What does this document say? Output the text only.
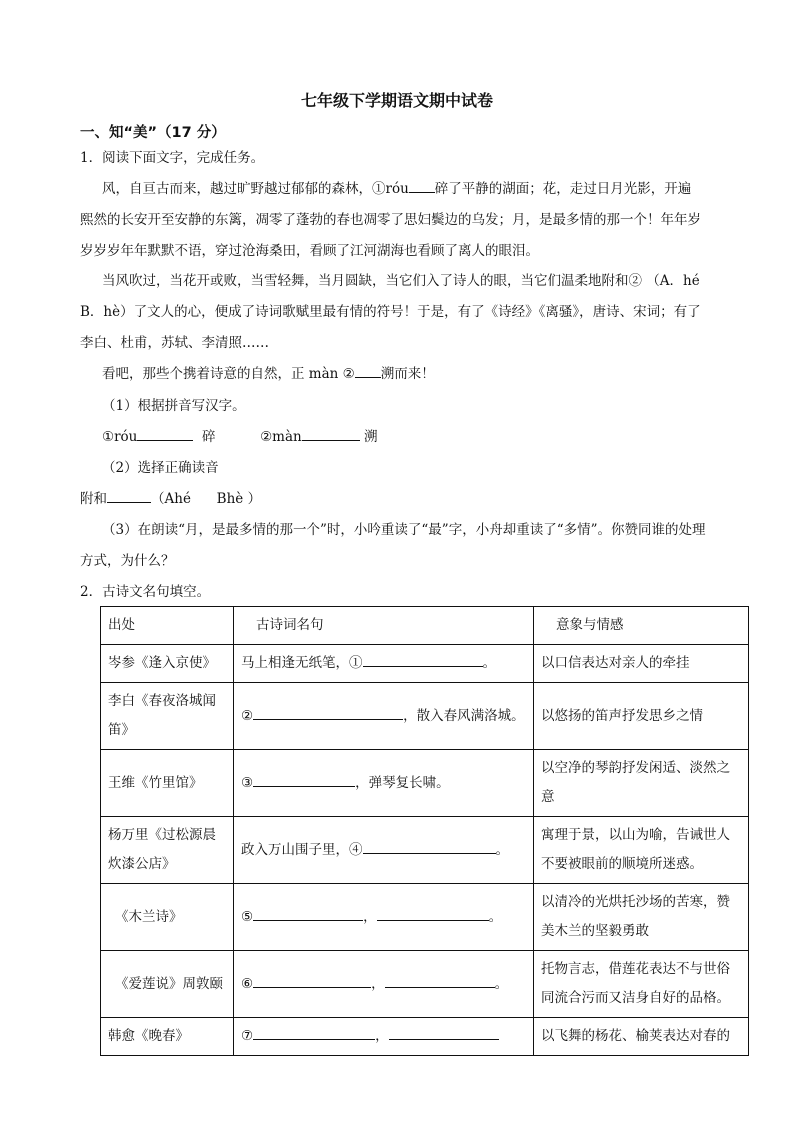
七年级下学期语文期中试卷
一、知“美”（17 分）
1．阅读下面文字，完成任务。
风，自亘古而来，越过旷野越过郁郁的森林，①róu 碎了平静的湖面；花，走过日月光影，开遍
熙然的长安开至安静的东篱，凋零了蓬勃的春也凋零了思妇鬓边的乌发；月，是最多情的那一个！年年岁
岁岁岁年年默默不语，穿过沧海桑田，看顾了江河湖海也看顾了离人的眼泪。
当风吹过，当花开或败，当雪轻舞，当月圆缺，当它们入了诗人的眼，当它们温柔地附和② （A．hé
B．hè）了文人的心，便成了诗词歌赋里最有情的符号！于是，有了《诗经》《离骚》，唐诗、宋词；有了
李白、杜甫，苏轼、李清照……
看吧，那些个携着诗意的自然，正 màn ② 溯而来！
（1）根据拼音写汉字。
①róu	碎	②màn	溯
（2）选择正确读音
附和	（Ahé      Bhè ）
（3）在朗读“月，是最多情的那一个”时，小吟重读了“最”字，小舟却重读了“多情”。你赞同谁的处理
方式，为什么？
2．古诗文名句填空。
出处	古诗词名句	意象与情感
岑参《逢入京使》	马上相逢无纸笔，① 。	以口信表达对亲人的牵挂
李白《春夜洛城闻笛》	② ，散入春风满洛城。	以悠扬的笛声抒发思乡之情
王维《竹里馆》	③ ，弹琴复长啸。	以空净的琴韵抒发闲适、淡然之意
杨万里《过松源晨炊漆公店》	政入万山围子里，④ 。	寓理于景，以山为喻，告诫世人不要被眼前的顺境所迷惑。
《木兰诗》	⑤ ， 。	以清冷的光烘托沙场的苦寒，赞美木兰的坚毅勇敢
《爱莲说》周敦颐	⑥ ， 。	托物言志，借莲花表达不与世俗同流合污而又洁身自好的品格。
韩愈《晚春》	⑦ ，	以飞舞的杨花、榆荚表达对春的
